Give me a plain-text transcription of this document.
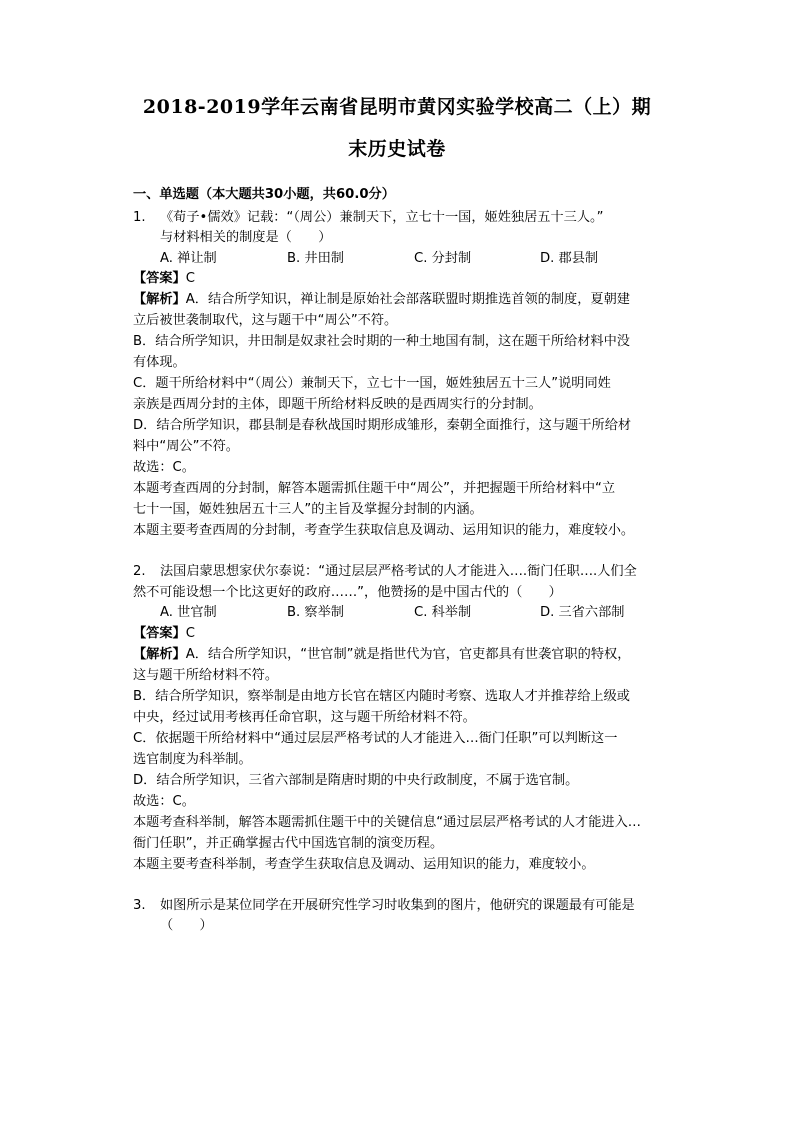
2018-2019学年云南省昆明市黄冈实验学校高二（上）期
末历史试卷
一、单选题（本大题共30小题，共60.0分）
1. 《荀子•儒效》记载：“（周公）兼制天下，立七十一国，姬姓独居五十三人。”
与材料相关的制度是（　　）
A. 禅让制	B. 井田制	C. 分封制	D. 郡县制
【答案】C
【解析】A．结合所学知识，禅让制是原始社会部落联盟时期推选首领的制度，夏朝建
立后被世袭制取代，这与题干中“周公”不符。
B．结合所学知识，井田制是奴隶社会时期的一种土地国有制，这在题干所给材料中没
有体现。
C．题干所给材料中“（周公）兼制天下，立七十一国，姬姓独居五十三人”说明同姓
亲族是西周分封的主体，即题干所给材料反映的是西周实行的分封制。
D．结合所学知识，郡县制是春秋战国时期形成雏形，秦朝全面推行，这与题干所给材
料中“周公”不符。
故选：C。
本题考查西周的分封制，解答本题需抓住题干中“周公”，并把握题干所给材料中“立
七十一国，姬姓独居五十三人”的主旨及掌握分封制的内涵。
本题主要考查西周的分封制，考查学生获取信息及调动、运用知识的能力，难度较小。
2. 法国启蒙思想家伏尔泰说：“通过层层严格考试的人才能进入….衙门任职….人们全
然不可能设想一个比这更好的政府……”，他赞扬的是中国古代的（　　）
A. 世官制	B. 察举制	C. 科举制	D. 三省六部制
【答案】C
【解析】A．结合所学知识，“世官制”就是指世代为官，官吏都具有世袭官职的特权，
这与题干所给材料不符。
B．结合所学知识，察举制是由地方长官在辖区内随时考察、选取人才并推荐给上级或
中央，经过试用考核再任命官职，这与题干所给材料不符。
C．依据题干所给材料中“通过层层严格考试的人才能进入…衙门任职”可以判断这一
选官制度为科举制。
D．结合所学知识，三省六部制是隋唐时期的中央行政制度，不属于选官制。
故选：C。
本题考查科举制，解答本题需抓住题干中的关键信息“通过层层严格考试的人才能进入…
衙门任职”，并正确掌握古代中国选官制的演变历程。
本题主要考查科举制，考查学生获取信息及调动、运用知识的能力，难度较小。
3. 如图所示是某位同学在开展研究性学习时收集到的图片，他研究的课题最有可能是
（　　）
